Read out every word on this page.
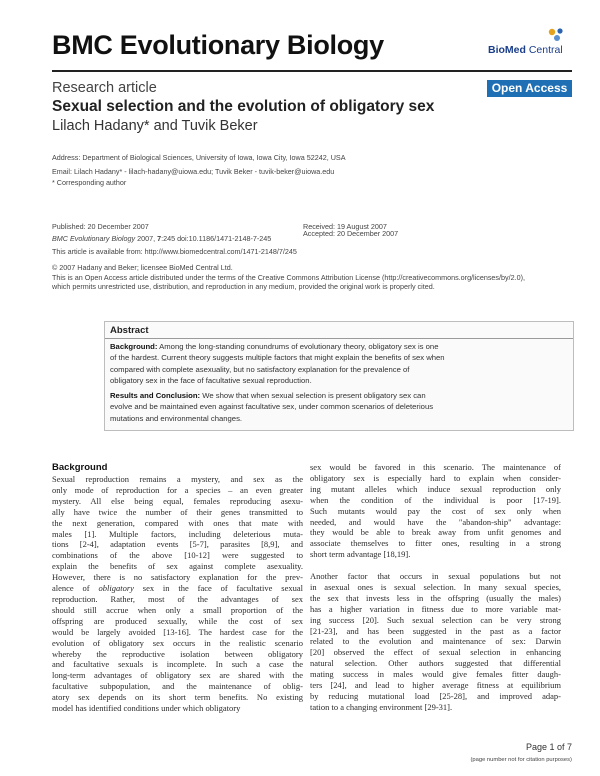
BMC Evolutionary Biology	BioMed Central
Research article	Open Access
Sexual selection and the evolution of obligatory sex
Lilach Hadany* and Tuvik Beker
Address: Department of Biological Sciences, University of Iowa, Iowa City, Iowa 52242, USA
Email: Lilach Hadany* - lilach-hadany@uiowa.edu; Tuvik Beker - tuvik-beker@uiowa.edu
* Corresponding author
Published: 20 December 2007
BMC Evolutionary Biology 2007, 7:245 doi:10.1186/1471-2148-7-245
Received: 19 August 2007
Accepted: 20 December 2007
This article is available from: http://www.biomedcentral.com/1471-2148/7/245
© 2007 Hadany and Beker; licensee BioMed Central Ltd.
This is an Open Access article distributed under the terms of the Creative Commons Attribution License (http://creativecommons.org/licenses/by/2.0),
which permits unrestricted use, distribution, and reproduction in any medium, provided the original work is properly cited.
Abstract
Background: Among the long-standing conundrums of evolutionary theory, obligatory sex is one
of the hardest. Current theory suggests multiple factors that might explain the benefits of sex when
compared with complete asexuality, but no satisfactory explanation for the prevalence of
obligatory sex in the face of facultative sexual reproduction.
Results and Conclusion: We show that when sexual selection is present obligatory sex can
evolve and be maintained even against facultative sex, under common scenarios of deleterious
mutations and environmental changes.

Background

Sexual reproduction remains a mystery, and sex as the
only mode of reproduction for a species – an even greater
mystery. All else being equal, females reproducing asexu-
ally have twice the number of their genes transmitted to
the next generation, compared with ones that mate with
males [1]. Multiple factors, including deleterious muta-
tions [2-4], adaptation events [5-7], parasites [8,9], and
combinations of the above [10-12] were suggested to
explain the benefits of sex against complete asexuality.
However, there is no satisfactory explanation for the prev-
alence of obligatory sex in the face of facultative sexual
reproduction. Rather, most of the advantages of sex
should still accrue when only a small proportion of the
offspring are produced sexually, while the cost of sex
would be largely avoided [13-16]. The hardest case for the
evolution of obligatory sex occurs in the realistic scenario
whereby the reproductive isolation between obligatory
and facultative sexuals is incomplete. In such a case the
long-term advantages of obligatory sex are shared with the
facultative subpopulation, and the maintenance of oblig-
atory sex depends on its short term benefits. No existing
model has identified conditions under which obligatory
sex would be favored in this scenario. The maintenance of
obligatory sex is especially hard to explain when consider-
ing mutant alleles which induce sexual reproduction only
when the condition of the individual is poor [17-19].
Such mutants would pay the cost of sex only when
needed, and would have the "abandon-ship" advantage:
they would be able to break away from unfit genomes and
associate themselves to fitter ones, resulting in a strong
short term advantage [18,19].
Another factor that occurs in sexual populations but not
in asexual ones is sexual selection. In many sexual species,
the sex that invests less in the offspring (usually the males)
has a higher variation in fitness due to more variable mat-
ing success [20]. Such sexual selection can be very strong
[21-23], and has been suggested in the past as a factor
related to the evolution and maintenance of sex: Darwin
[20] observed the effect of sexual selection in enhancing
natural selection. Other authors suggested that differential
mating success in males would give females fitter daugh-
ters [24], and lead to higher average fitness at equilibrium
by reducing mutational load [25-28], and improved adap-
tation to a changing environment [29-31].
Page 1 of 7
(page number not for citation purposes)
